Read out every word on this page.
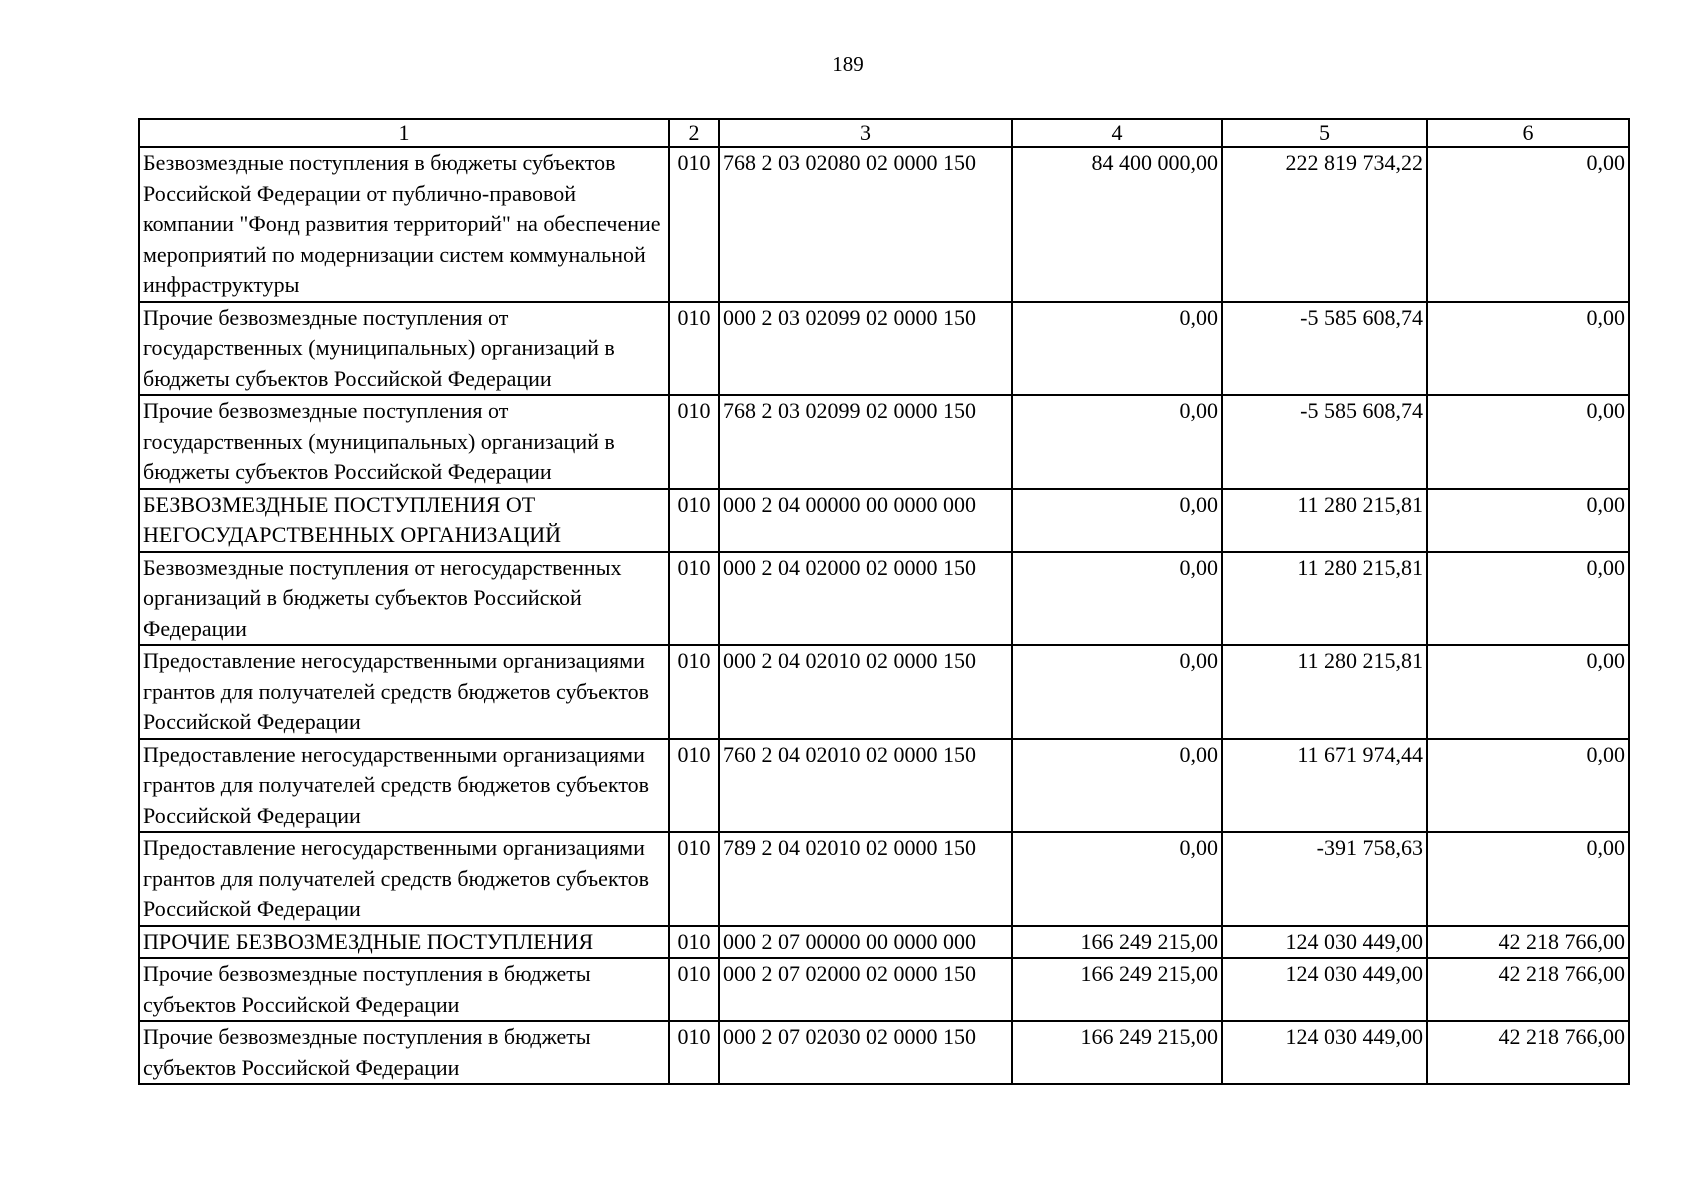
189
1	2	3	4	5	6
Безвозмездные поступления в бюджеты субъектов Российской Федерации от публично-правовой компании "Фонд развития территорий" на обеспечение мероприятий по модернизации систем коммунальной инфраструктуры	010	768 2 03 02080 02 0000 150	84 400 000,00	222 819 734,22	0,00
Прочие безвозмездные поступления от государственных (муниципальных) организаций в бюджеты субъектов Российской Федерации	010	000 2 03 02099 02 0000 150	0,00	-5 585 608,74	0,00
Прочие безвозмездные поступления от государственных (муниципальных) организаций в бюджеты субъектов Российской Федерации	010	768 2 03 02099 02 0000 150	0,00	-5 585 608,74	0,00
БЕЗВОЗМЕЗДНЫЕ ПОСТУПЛЕНИЯ ОТ НЕГОСУДАРСТВЕННЫХ ОРГАНИЗАЦИЙ	010	000 2 04 00000 00 0000 000	0,00	11 280 215,81	0,00
Безвозмездные поступления от негосударственных организаций в бюджеты субъектов Российской Федерации	010	000 2 04 02000 02 0000 150	0,00	11 280 215,81	0,00
Предоставление негосударственными организациями грантов для получателей средств бюджетов субъектов Российской Федерации	010	000 2 04 02010 02 0000 150	0,00	11 280 215,81	0,00
Предоставление негосударственными организациями грантов для получателей средств бюджетов субъектов Российской Федерации	010	760 2 04 02010 02 0000 150	0,00	11 671 974,44	0,00
Предоставление негосударственными организациями грантов для получателей средств бюджетов субъектов Российской Федерации	010	789 2 04 02010 02 0000 150	0,00	-391 758,63	0,00
ПРОЧИЕ БЕЗВОЗМЕЗДНЫЕ ПОСТУПЛЕНИЯ	010	000 2 07 00000 00 0000 000	166 249 215,00	124 030 449,00	42 218 766,00
Прочие безвозмездные поступления в бюджеты субъектов Российской Федерации	010	000 2 07 02000 02 0000 150	166 249 215,00	124 030 449,00	42 218 766,00
Прочие безвозмездные поступления в бюджеты субъектов Российской Федерации	010	000 2 07 02030 02 0000 150	166 249 215,00	124 030 449,00	42 218 766,00
